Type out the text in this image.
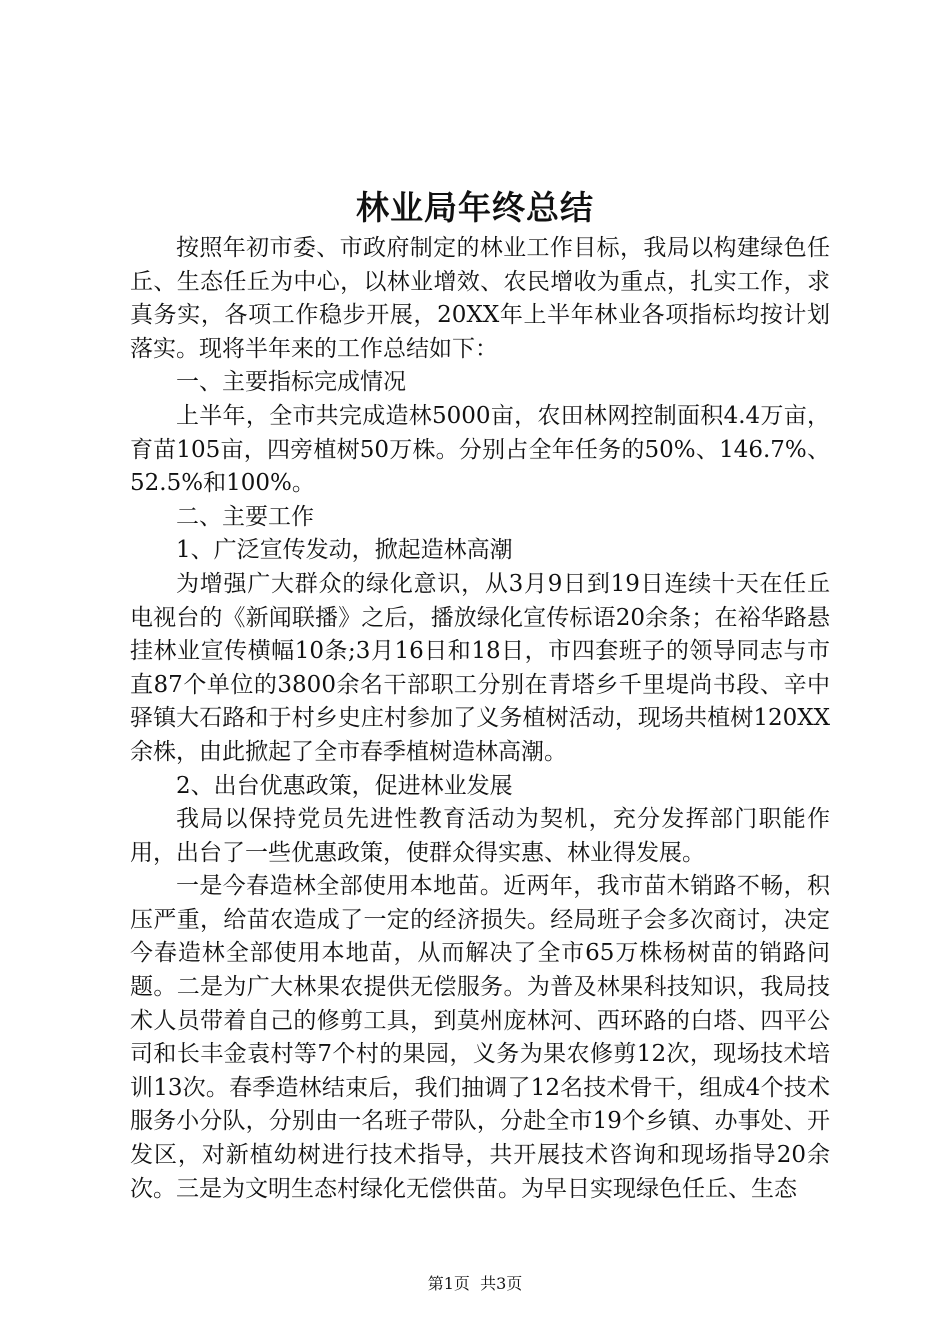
林业局年终总结

按照年初市委、市政府制定的林业工作目标，我局以构建绿色任丘、生态任丘为中心，以林业增效、农民增收为重点，扎实工作，求真务实，各项工作稳步开展，20XX年上半年林业各项指标均按计划落实。现将半年来的工作总结如下：

一、主要指标完成情况

上半年，全市共完成造林5000亩，农田林网控制面积4.4万亩，育苗105亩，四旁植树50万株。分别占全年任务的50%、146.7%、52.5%和100%。

二、主要工作

1、广泛宣传发动，掀起造林高潮

为增强广大群众的绿化意识，从3月9日到19日连续十天在任丘电视台的《新闻联播》之后，播放绿化宣传标语20余条；在裕华路悬挂林业宣传横幅10条;3月16日和18日，市四套班子的领导同志与市直87个单位的3800余名干部职工分别在青塔乡千里堤尚书段、辛中驿镇大石路和于村乡史庄村参加了义务植树活动，现场共植树120XX余株，由此掀起了全市春季植树造林高潮。

2、出台优惠政策，促进林业发展

我局以保持党员先进性教育活动为契机，充分发挥部门职能作用，出台了一些优惠政策，使群众得实惠、林业得发展。

一是今春造林全部使用本地苗。近两年，我市苗木销路不畅，积压严重，给苗农造成了一定的经济损失。经局班子会多次商讨，决定今春造林全部使用本地苗，从而解决了全市65万株杨树苗的销路问题。二是为广大林果农提供无偿服务。为普及林果科技知识，我局技术人员带着自己的修剪工具，到莫州庞林河、西环路的白塔、四平公司和长丰金袁村等7个村的果园，义务为果农修剪12次，现场技术培训13次。春季造林结束后，我们抽调了12名技术骨干，组成4个技术服务小分队，分别由一名班子带队，分赴全市19个乡镇、办事处、开发区，对新植幼树进行技术指导，共开展技术咨询和现场指导20余次。三是为文明生态村绿化无偿供苗。为早日实现绿色任丘、生态

第1页 共3页
